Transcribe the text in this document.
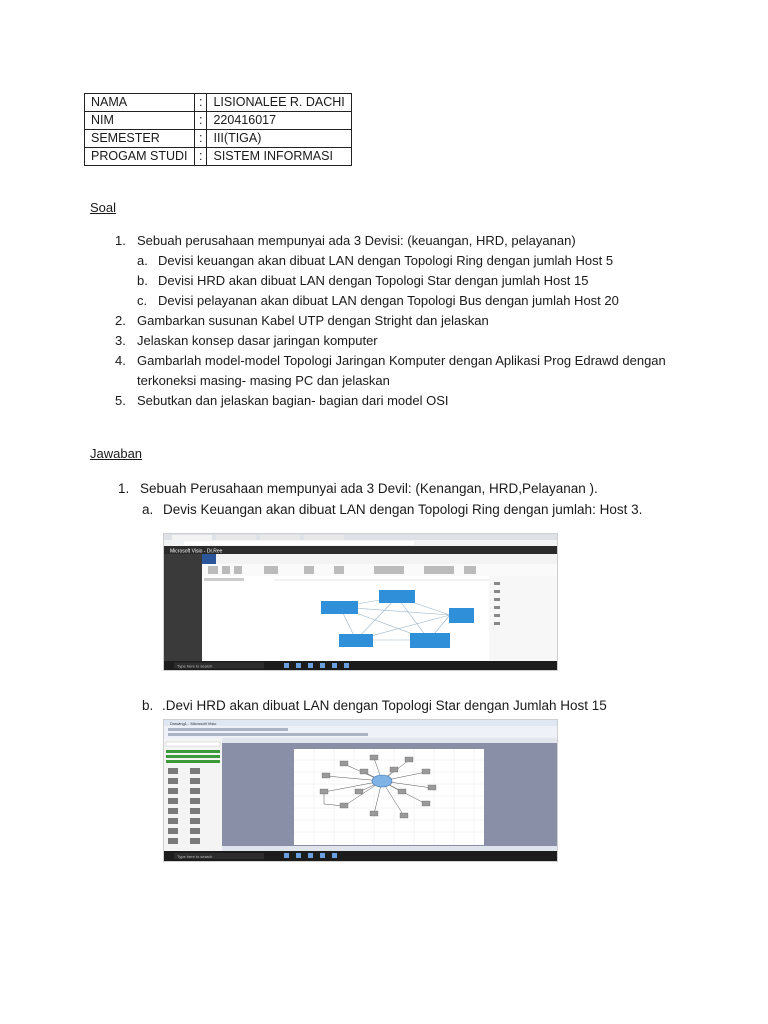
NAMA	:	LISIONALEE R. DACHI
NIM	:	220416017
SEMESTER	:	III(TIGA)
PROGAM STUDI	:	SISTEM INFORMASI
Soal
1. Sebuah perusahaan mempunyai ada 3 Devisi: (keuangan, HRD, pelayanan)
a. Devisi keuangan akan dibuat LAN dengan Topologi Ring dengan jumlah Host 5
b. Devisi HRD akan dibuat LAN dengan Topologi Star dengan jumlah Host 15
c. Devisi pelayanan akan dibuat LAN dengan Topologi Bus dengan jumlah Host 20
2. Gambarkan susunan Kabel UTP dengan Stright dan jelaskan
3. Jelaskan konsep dasar jaringan komputer
4. Gambarlah model-model Topologi Jaringan Komputer dengan Aplikasi Prog Edrawd dengan
terkoneksi masing- masing PC dan jelaskan
5. Sebutkan dan jelaskan bagian- bagian dari model OSI
Jawaban
1. Sebuah Perusahaan mempunyai ada 3 Devil: (Kenangan, HRD,Pelayanan ).
a. Devis Keuangan akan dibuat LAN dengan Topologi Ring dengan jumlah: Host 3.
Microsoft Visio - Dr.Ree
Type here to search
b. .Devi HRD akan dibuat LAN dengan Topologi Star dengan Jumlah Host 15
Drawing1 - Microsoft Visio
Type here to search
